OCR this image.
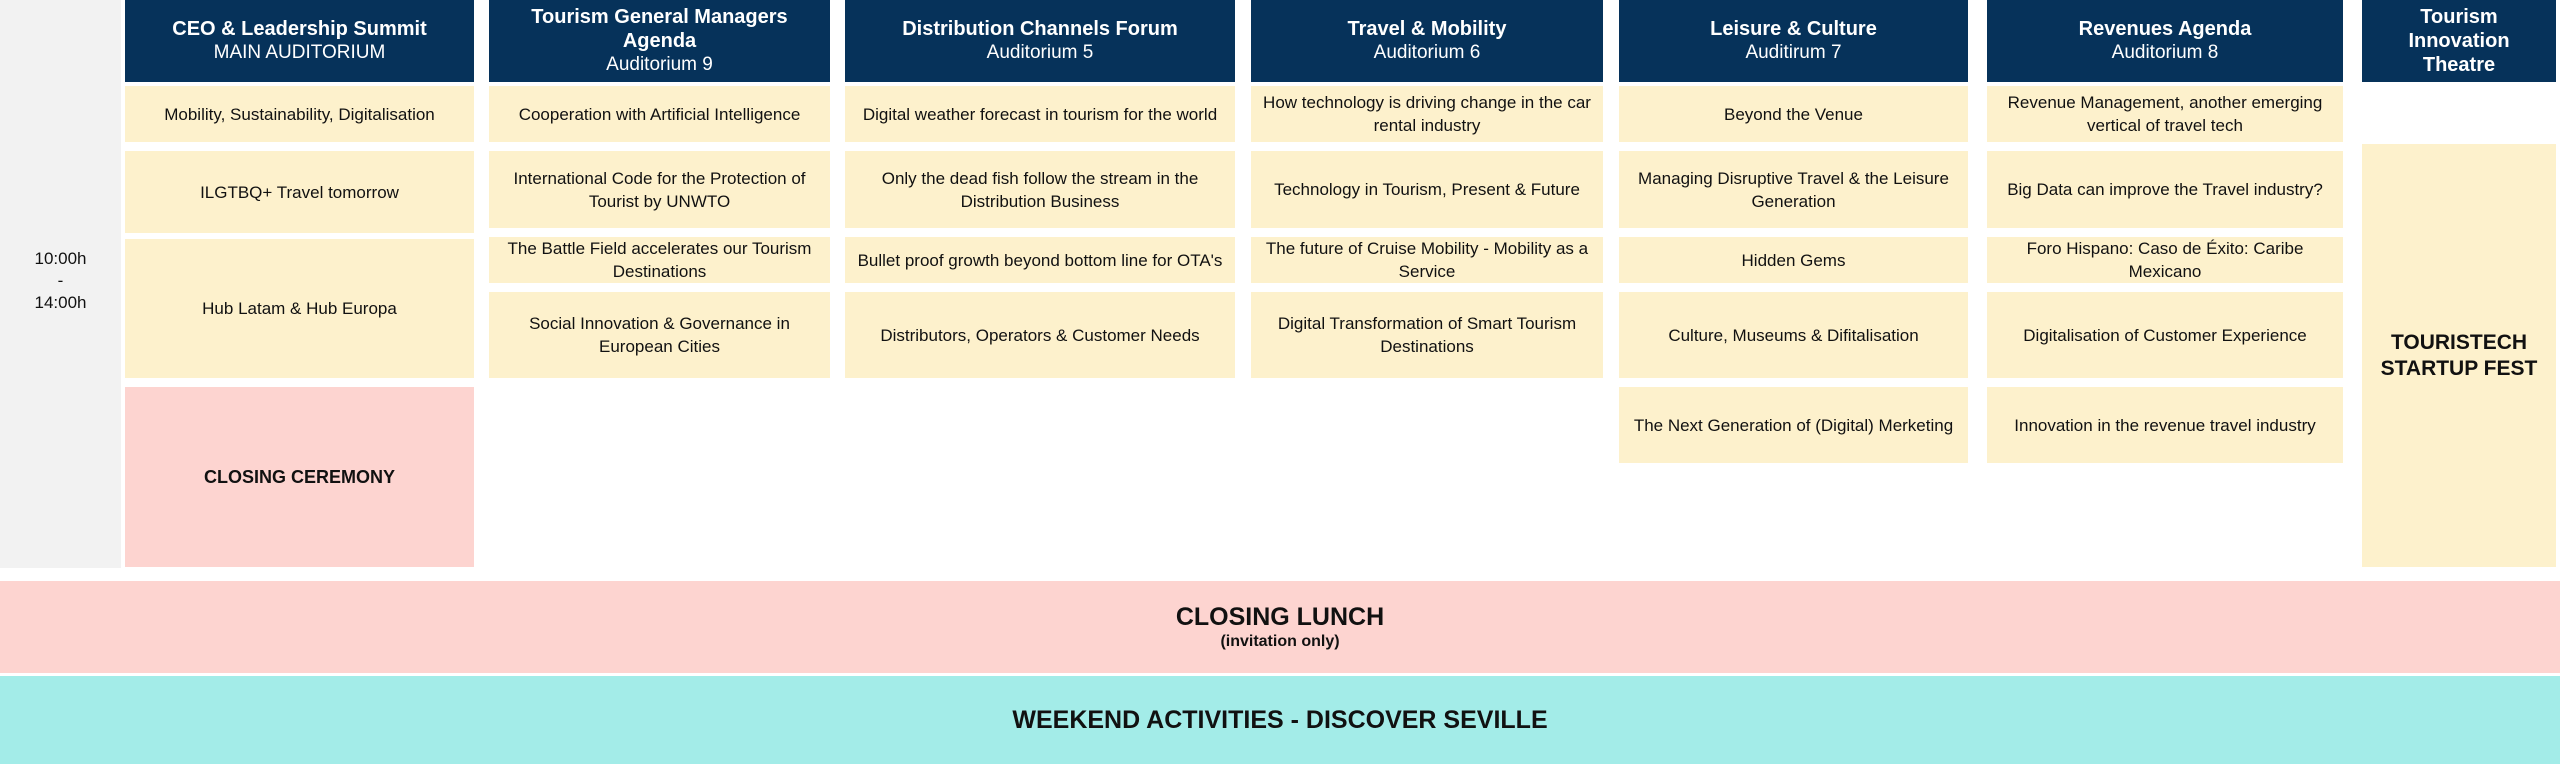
10:00h
-
14:00h
CEO & Leadership Summit
MAIN AUDITORIUM
Tourism General Managers Agenda
Auditorium 9
Distribution Channels Forum
Auditorium 5
Travel & Mobility
Auditorium 6
Leisure & Culture
Auditirum 7
Revenues Agenda
Auditorium 8
Tourism Innovation Theatre
Mobility, Sustainability, Digitalisation
ILGTBQ+ Travel tomorrow
Hub Latam & Hub Europa
CLOSING CEREMONY
Cooperation with Artificial Intelligence
International Code for the Protection of Tourist by UNWTO
The Battle Field accelerates our Tourism Destinations
Social Innovation & Governance in European Cities
Digital weather forecast in tourism for the world
Only the dead fish follow the stream in the Distribution Business
Bullet proof growth beyond bottom line for OTA's
Distributors, Operators & Customer Needs
How technology is driving change in the car rental industry
Technology in Tourism, Present & Future
The future of Cruise Mobility - Mobility as a Service
Digital Transformation of Smart Tourism Destinations
Beyond the Venue
Managing Disruptive Travel & the Leisure Generation
Hidden Gems
Culture, Museums & Difitalisation
The Next Generation of (Digital) Merketing
Revenue Management, another emerging vertical of travel tech
Big Data can improve the Travel industry?
Foro Hispano: Caso de Éxito: Caribe Mexicano
Digitalisation of Customer Experience
Innovation in the revenue travel industry
TOURISTECH STARTUP FEST
CLOSING LUNCH
(invitation only)
WEEKEND ACTIVITIES - DISCOVER SEVILLE
